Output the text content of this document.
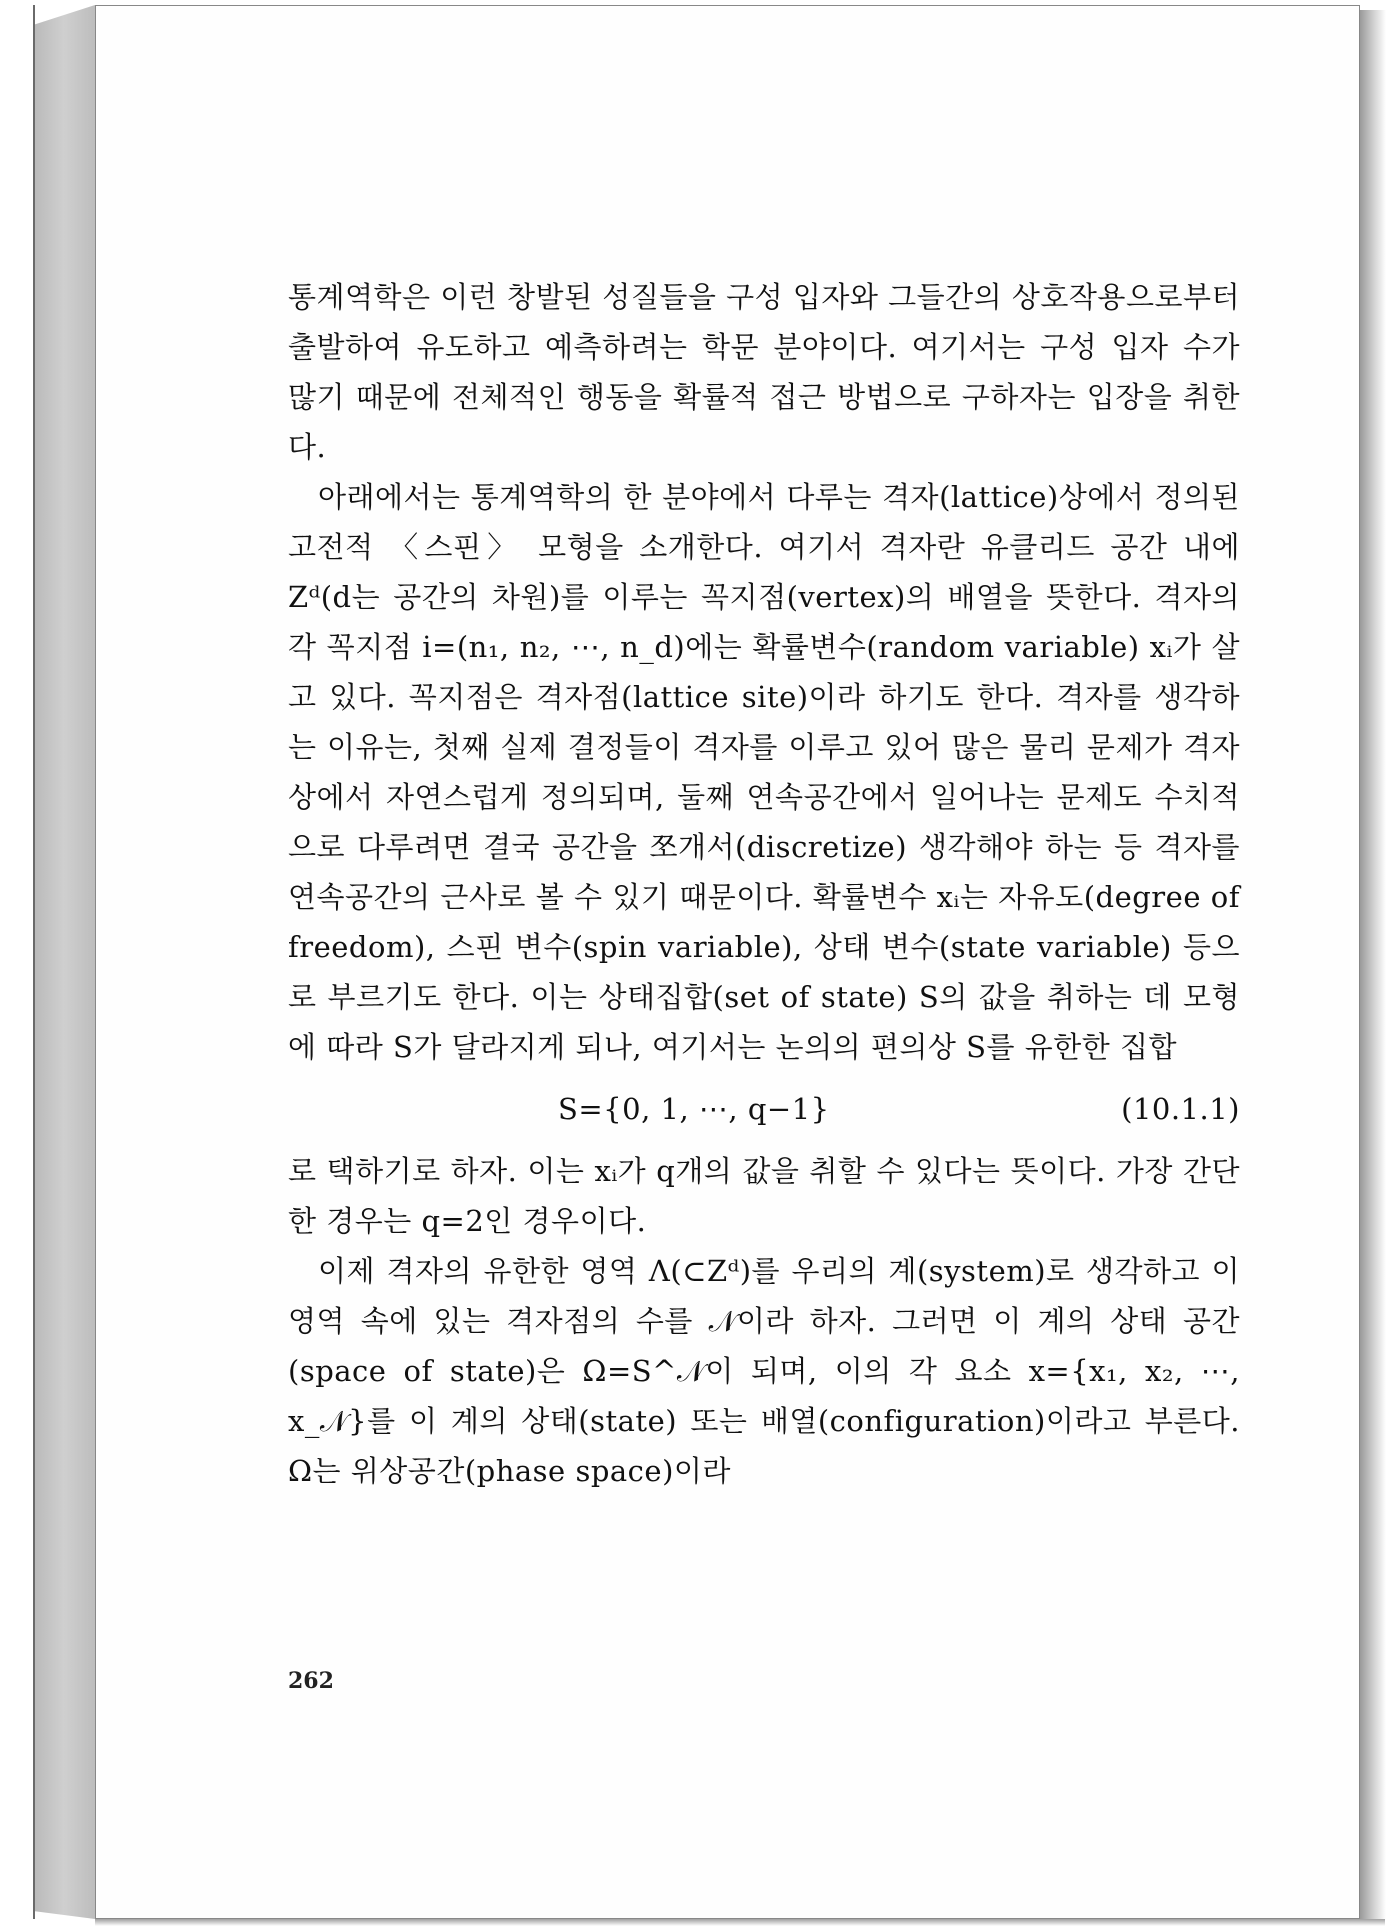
통계역학은 이런 창발된 성질들을 구성 입자와 그들간의 상호작용으로부터 출발하여 유도하고 예측하려는 학문 분야이다. 여기서는 구성 입자 수가 많기 때문에 전체적인 행동을 확률적 접근 방법으로 구하자는 입장을 취한다.

아래에서는 통계역학의 한 분야에서 다루는 격자(lattice)상에서 정의된 고전적 〈스핀〉 모형을 소개한다. 여기서 격자란 유클리드 공간 내에 Zᵈ(d는 공간의 차원)를 이루는 꼭지점(vertex)의 배열을 뜻한다. 격자의 각 꼭지점 i=(n₁, n₂, ⋯, n_d)에는 확률변수(random variable) xᵢ가 살고 있다. 꼭지점은 격자점(lattice site)이라 하기도 한다. 격자를 생각하는 이유는, 첫째 실제 결정들이 격자를 이루고 있어 많은 물리 문제가 격자상에서 자연스럽게 정의되며, 둘째 연속공간에서 일어나는 문제도 수치적으로 다루려면 결국 공간을 쪼개서(discretize) 생각해야 하는 등 격자를 연속공간의 근사로 볼 수 있기 때문이다. 확률변수 xᵢ는 자유도(degree of freedom), 스핀 변수(spin variable), 상태 변수(state variable) 등으로 부르기도 한다. 이는 상태집합(set of state) S의 값을 취하는 데 모형에 따라 S가 달라지게 되나, 여기서는 논의의 편의상 S를 유한한 집합

S={0, 1, ⋯, q−1}	(10.1.1)

로 택하기로 하자. 이는 xᵢ가 q개의 값을 취할 수 있다는 뜻이다. 가장 간단한 경우는 q=2인 경우이다.

이제 격자의 유한한 영역 Λ(⊂Zᵈ)를 우리의 계(system)로 생각하고 이 영역 속에 있는 격자점의 수를 𝒩이라 하자. 그러면 이 계의 상태 공간(space of state)은 Ω=S^𝒩이 되며, 이의 각 요소 x={x₁, x₂, ⋯, x_𝒩}를 이 계의 상태(state) 또는 배열(configuration)이라고 부른다. Ω는 위상공간(phase space)이라

262
